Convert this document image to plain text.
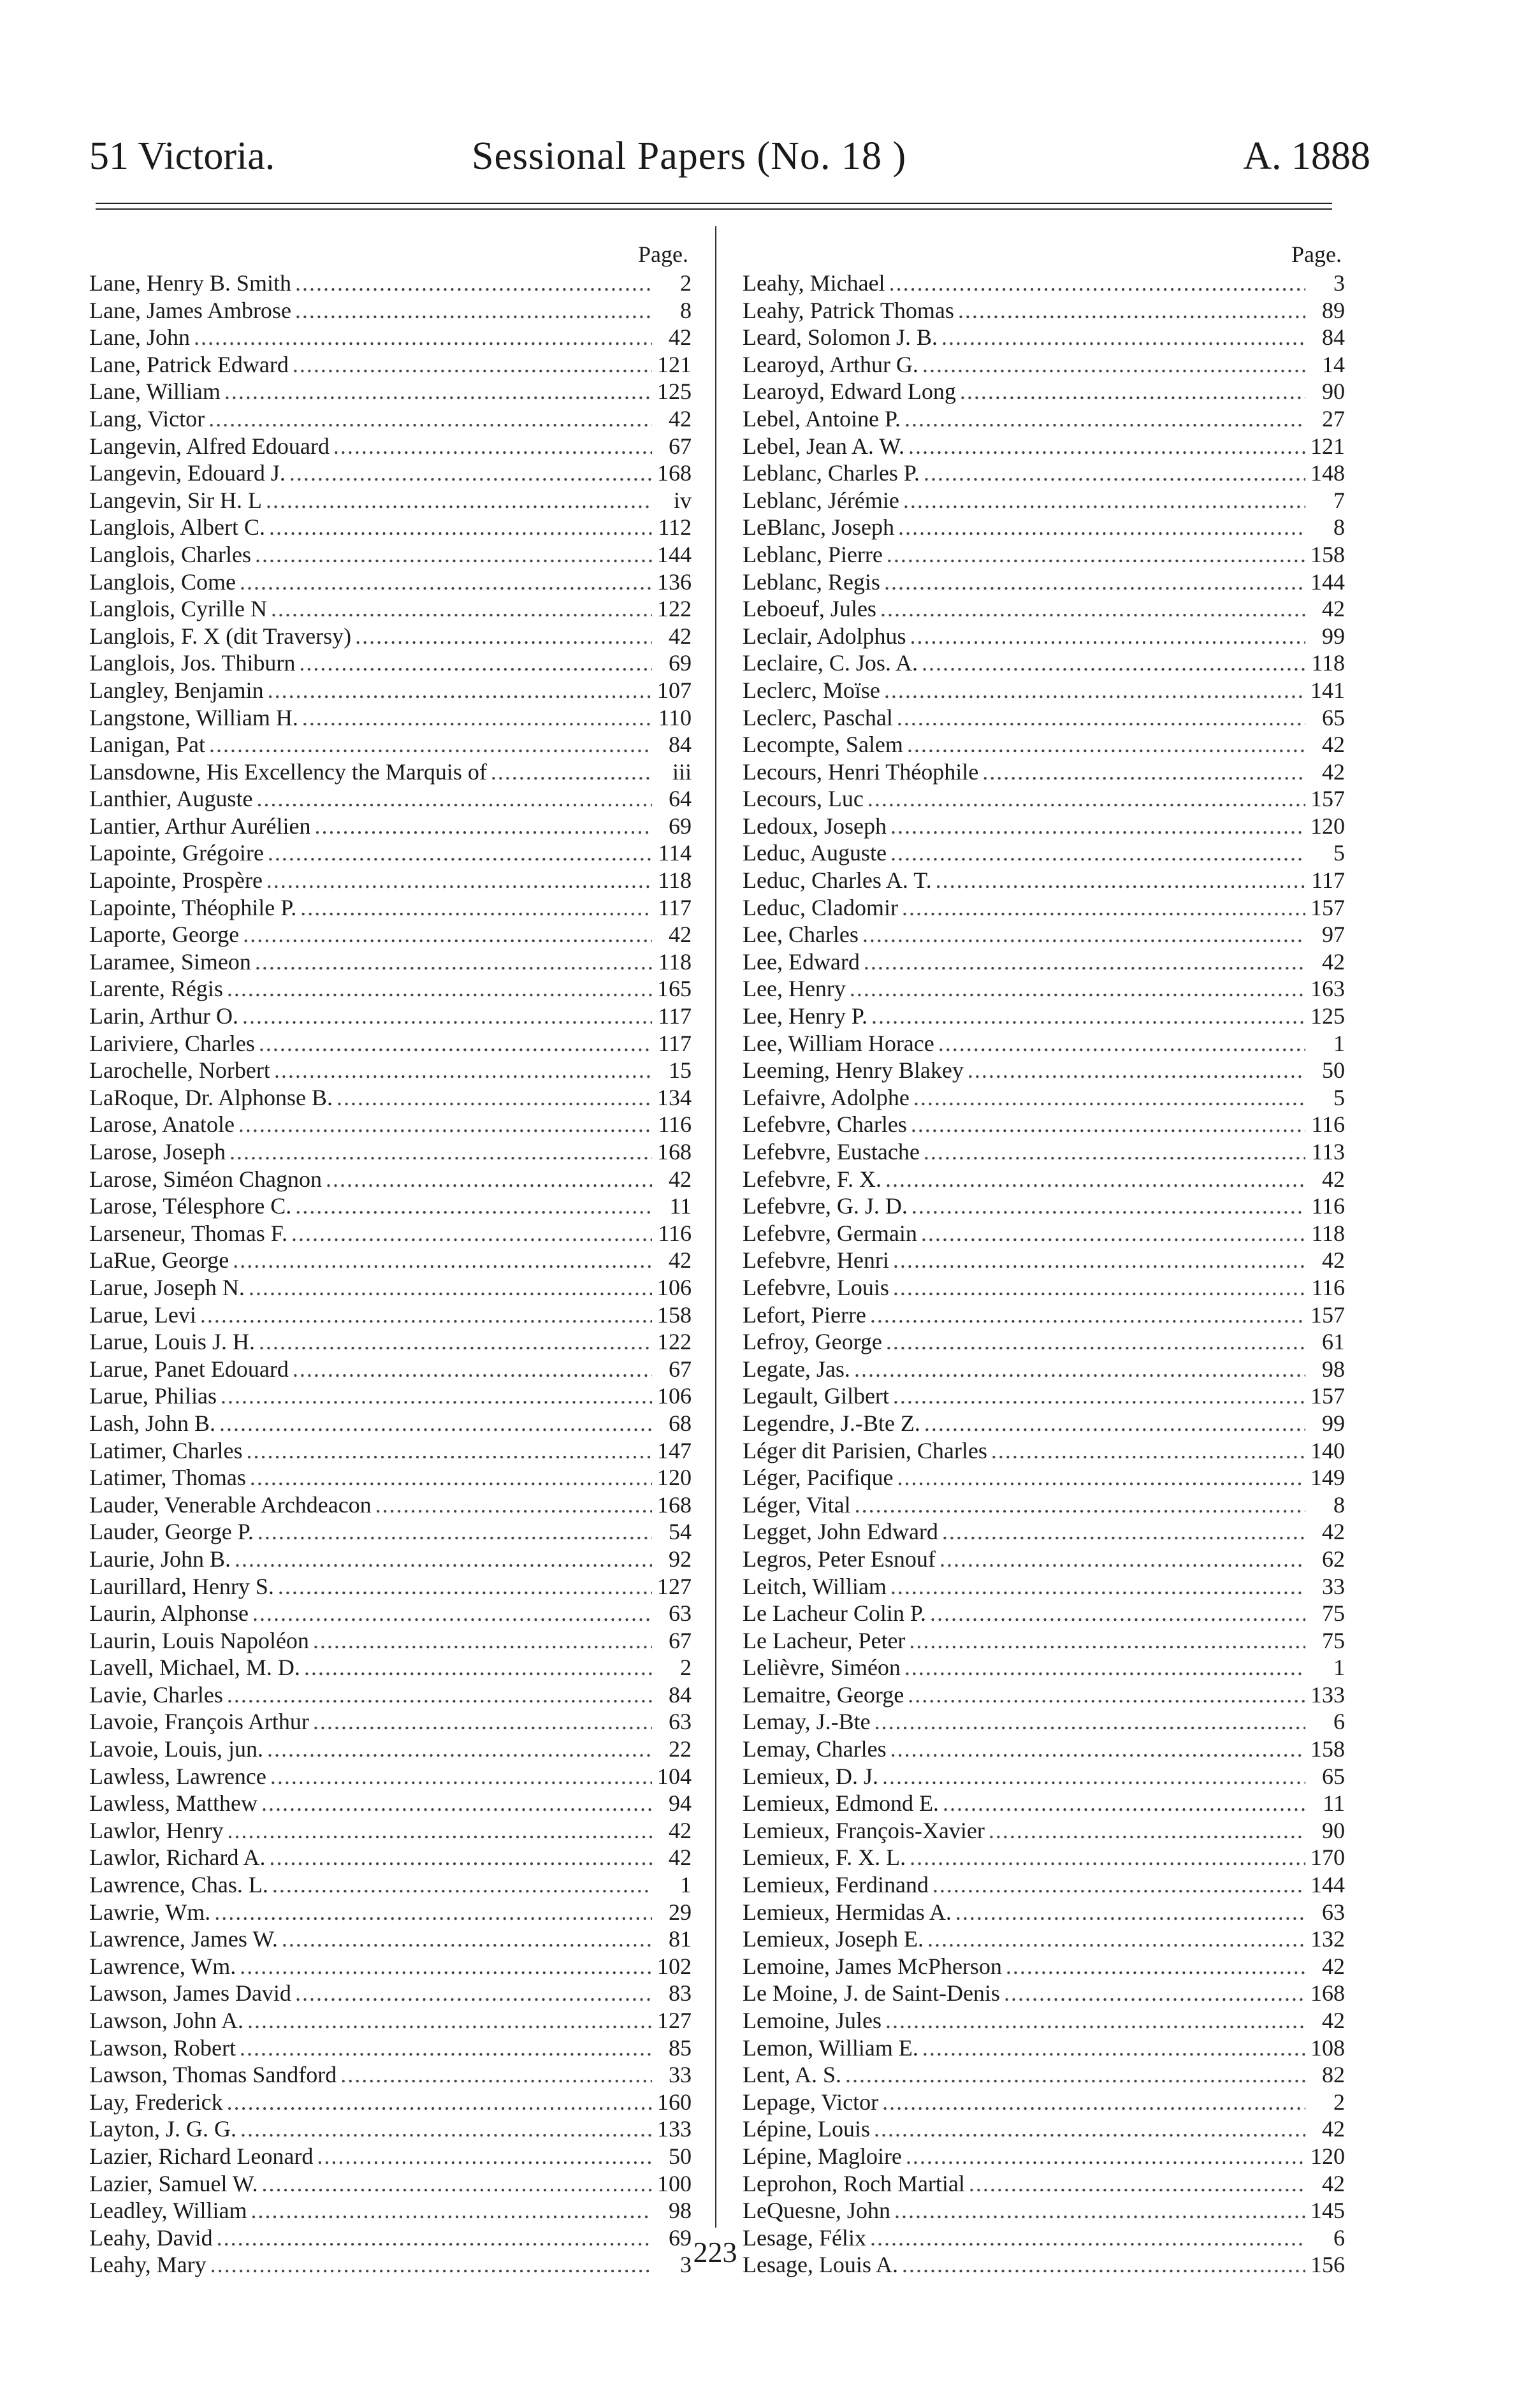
51 Victoria.	Sessional Papers (No. 18 )	A. 1888
Page.
Lane, Henry B. Smith .....	2
Lane, James Ambrose .....	8
Lane, John .....	42
Lane, Patrick Edward .....	121
Lane, William .....	125
Lang, Victor .....	42
Langevin, Alfred Edouard .....	67
Langevin, Edouard J. .....	168
Langevin, Sir H. L .....	iv
Langlois, Albert C. .....	112
Langlois, Charles .....	144
Langlois, Come .....	136
Langlois, Cyrille N .....	122
Langlois, F. X (dit Traversy) .....	42
Langlois, Jos. Thiburn .....	69
Langley, Benjamin .....	107
Langstone, William H. .....	110
Lanigan, Pat .....	84
Lansdowne, His Excellency the Marquis of .....	iii
Lanthier, Auguste .....	64
Lantier, Arthur Aurélien .....	69
Lapointe, Grégoire .....	114
Lapointe, Prospère .....	118
Lapointe, Théophile P. .....	117
Laporte, George .....	42
Laramee, Simeon .....	118
Larente, Régis .....	165
Larin, Arthur O. .....	117
Lariviere, Charles .....	117
Larochelle, Norbert .....	15
LaRoque, Dr. Alphonse B. .....	134
Larose, Anatole .....	116
Larose, Joseph .....	168
Larose, Siméon Chagnon .....	42
Larose, Télesphore C. .....	11
Larseneur, Thomas F. .....	116
LaRue, George .....	42
Larue, Joseph N. .....	106
Larue, Levi .....	158
Larue, Louis J. H. .....	122
Larue, Panet Edouard .....	67
Larue, Philias .....	106
Lash, John B. .....	68
Latimer, Charles .....	147
Latimer, Thomas .....	120
Lauder, Venerable Archdeacon .....	168
Lauder, George P. .....	54
Laurie, John B. .....	92
Laurillard, Henry S. .....	127
Laurin, Alphonse .....	63
Laurin, Louis Napoléon .....	67
Lavell, Michael, M. D. .....	2
Lavie, Charles .....	84
Lavoie, François Arthur .....	63
Lavoie, Louis, jun. .....	22
Lawless, Lawrence .....	104
Lawless, Matthew .....	94
Lawlor, Henry .....	42
Lawlor, Richard A. .....	42
Lawrence, Chas. L. .....	1
Lawrie, Wm. .....	29
Lawrence, James W. .....	81
Lawrence, Wm. .....	102
Lawson, James David .....	83
Lawson, John A. .....	127
Lawson, Robert .....	85
Lawson, Thomas Sandford .....	33
Lay, Frederick .....	160
Layton, J. G. G. .....	133
Lazier, Richard Leonard .....	50
Lazier, Samuel W. .....	100
Leadley, William .....	98
Leahy, David .....	69
Leahy, Mary .....	3
Page.
Leahy, Michael .....	3
Leahy, Patrick Thomas .....	89
Leard, Solomon J. B. .....	84
Learoyd, Arthur G. .....	14
Learoyd, Edward Long .....	90
Lebel, Antoine P. .....	27
Lebel, Jean A. W. .....	121
Leblanc, Charles P. .....	148
Leblanc, Jérémie .....	7
LeBlanc, Joseph .....	8
Leblanc, Pierre .....	158
Leblanc, Regis .....	144
Leboeuf, Jules .....	42
Leclair, Adolphus .....	99
Leclaire, C. Jos. A. .....	118
Leclerc, Moïse .....	141
Leclerc, Paschal .....	65
Lecompte, Salem .....	42
Lecours, Henri Théophile .....	42
Lecours, Luc .....	157
Ledoux, Joseph .....	120
Leduc, Auguste .....	5
Leduc, Charles A. T. .....	117
Leduc, Cladomir .....	157
Lee, Charles .....	97
Lee, Edward .....	42
Lee, Henry .....	163
Lee, Henry P. .....	125
Lee, William Horace .....	1
Leeming, Henry Blakey .....	50
Lefaivre, Adolphe .....	5
Lefebvre, Charles .....	116
Lefebvre, Eustache .....	113
Lefebvre, F. X. .....	42
Lefebvre, G. J. D. .....	116
Lefebvre, Germain .....	118
Lefebvre, Henri .....	42
Lefebvre, Louis .....	116
Lefort, Pierre .....	157
Lefroy, George .....	61
Legate, Jas. .....	98
Legault, Gilbert .....	157
Legendre, J.-Bte Z. .....	99
Léger dit Parisien, Charles .....	140
Léger, Pacifique .....	149
Léger, Vital .....	8
Legget, John Edward .....	42
Legros, Peter Esnouf .....	62
Leitch, William .....	33
Le Lacheur Colin P. .....	75
Le Lacheur, Peter .....	75
Lelièvre, Siméon .....	1
Lemaitre, George .....	133
Lemay, J.-Bte .....	6
Lemay, Charles .....	158
Lemieux, D. J. .....	65
Lemieux, Edmond E. .....	11
Lemieux, François-Xavier .....	90
Lemieux, F. X. L. .....	170
Lemieux, Ferdinand .....	144
Lemieux, Hermidas A. .....	63
Lemieux, Joseph E. .....	132
Lemoine, James McPherson .....	42
Le Moine, J. de Saint-Denis .....	168
Lemoine, Jules .....	42
Lemon, William E. .....	108
Lent, A. S. .....	82
Lepage, Victor .....	2
Lépine, Louis .....	42
Lépine, Magloire .....	120
Leprohon, Roch Martial .....	42
LeQuesne, John .....	145
Lesage, Félix .....	6
Lesage, Louis A. .....	156
223
